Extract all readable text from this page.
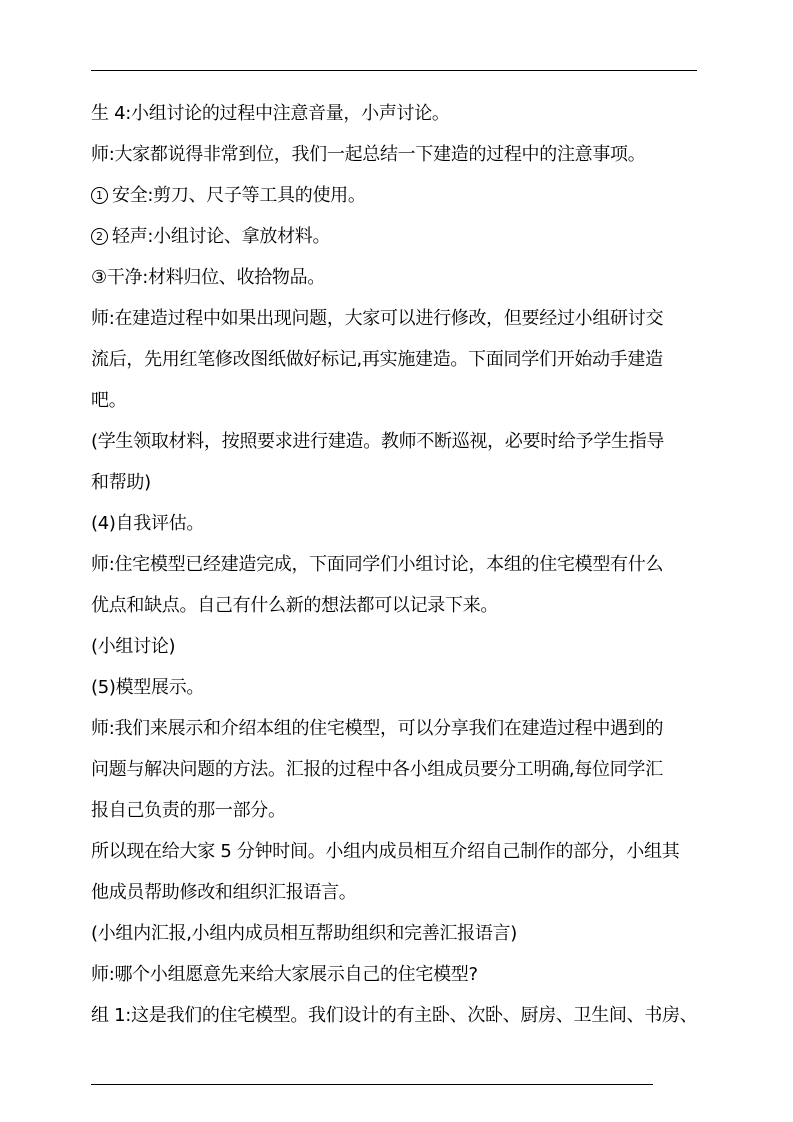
生 4:小组讨论的过程中注意音量，小声讨论。
师:大家都说得非常到位，我们一起总结一下建造的过程中的注意事项。
1 安全:剪刀、尺子等工具的使用。
2 轻声:小组讨论、拿放材料。
③干净:材料归位、收拾物品。
师:在建造过程中如果出现问题，大家可以进行修改，但要经过小组研讨交
流后，先用红笔修改图纸做好标记,再实施建造。下面同学们开始动手建造
吧。
(学生领取材料，按照要求进行建造。教师不断巡视，必要时给予学生指导
和帮助)
(4)自我评估。
师:住宅模型已经建造完成，下面同学们小组讨论，本组的住宅模型有什么
优点和缺点。自己有什么新的想法都可以记录下来。
(小组讨论)
(5)模型展示。
师:我们来展示和介绍本组的住宅模型，可以分享我们在建造过程中遇到的
问题与解决问题的方法。汇报的过程中各小组成员要分工明确,每位同学汇
报自己负责的那一部分。
所以现在给大家 5 分钟时间。小组内成员相互介绍自己制作的部分，小组其
他成员帮助修改和组织汇报语言。
(小组内汇报,小组内成员相互帮助组织和完善汇报语言)
师:哪个小组愿意先来给大家展示自己的住宅模型?
组 1:这是我们的住宅模型。我们设计的有主卧、次卧、厨房、卫生间、书房、
